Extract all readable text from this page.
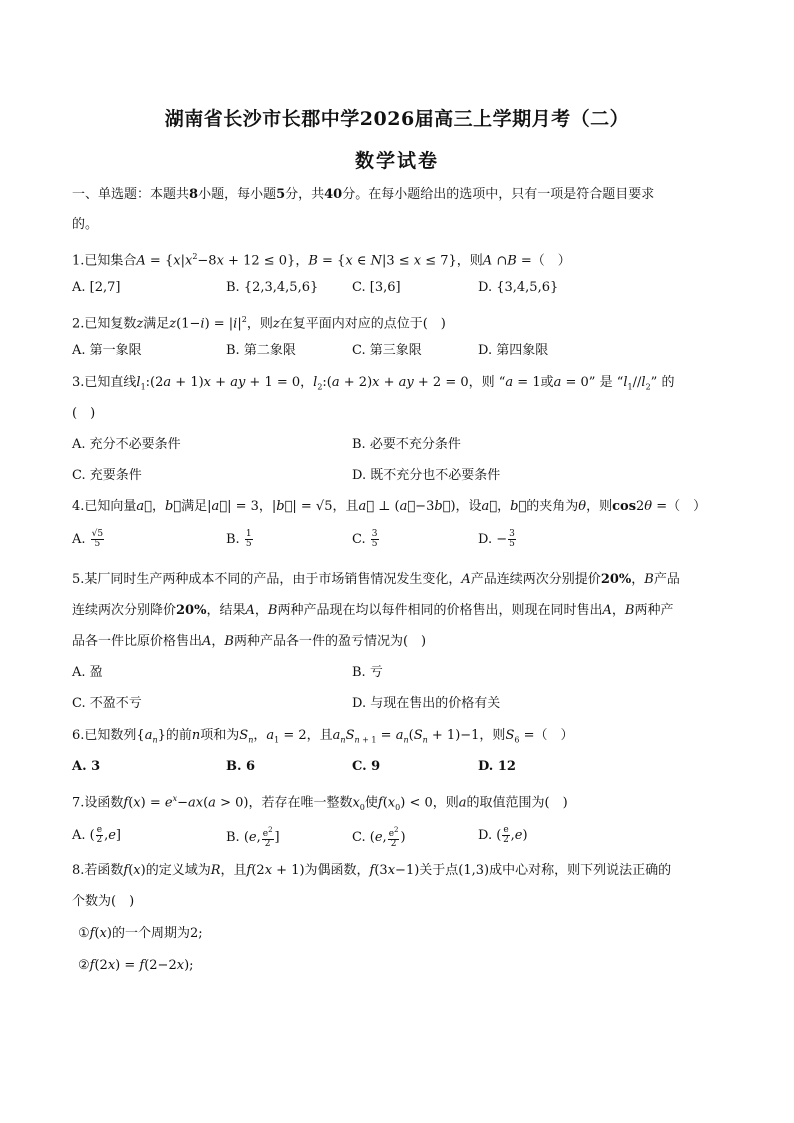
湖南省长沙市长郡中学2026届高三上学期月考（二）
数学试卷
一、单选题：本题共8小题，每小题5分，共40分。在每小题给出的选项中，只有一项是符合题目要求
的。
1.已知集合$A = \{x|x^2-8x + 12 \le 0\}$，B = {x ∈ N|3 ≤ x ≤ 7}，则A ∩B =（　）
A. [2,7]	B. {2,3,4,5,6}	C. [3,6]	D. {3,4,5,6}
2.已知复数z满足$z(1-i) = |i|^2$，则z在复平面内对应的点位于(　)
A. 第一象限	B. 第二象限	C. 第三象限	D. 第四象限
3.已知直线$l_1:(2a + 1)x$ + ay + 1 = 0，$l_2:(a + 2)x$ + ay + 2 = 0，则 “a = 1或a = 0” 是 “$l_1//l_2$” 的
(　)
A. 充分不必要条件	B. 必要不充分条件
C. 充要条件	D. 既不充分也不必要条件
4.已知向量a⃗，b⃗满足|a⃗| = 3，|b⃗| = √5，且a⃗ ⊥ (a⃗−3b⃗)，设a⃗，b⃗的夹角为θ，则cos2θ =（　）
A. $\frac{√5}{5}$	B. $\frac{1}{5}$	C. $\frac{3}{5}$	D. − $\frac{3}{5}$
5.某厂同时生产两种成本不同的产品，由于市场销售情况发生变化，A产品连续两次分别提价20%，B产品
连续两次分别降价20%，结果A，B两种产品现在均以每件相同的价格售出，则现在同时售出A，B两种产
品各一件比原价格售出A，B两种产品各一件的盈亏情况为(　)
A. 盈	B. 亏
C. 不盈不亏	D. 与现在售出的价格有关
6.已知数列$\{a_n\}$的前n项和为$S_n$，$a_1 = 2$，且$a_nS_{n + 1} = a_n(S_n + 1)-1$，则$S_6$ =（　）
A. 3	B. 6	C. 9	D. 12
7.设函数$f(x) = e^x-ax(a > 0)$，若存在唯一整数$x_0$使$f(x_0) < 0$，则a的取值范围为(　)
A. ( $\frac{e}{2} ,e$]	B. (e, $\frac{e^2}{2}$ ]	C. (e, $\frac{e^2}{2}$ )	D. ( $\frac{e}{2} ,e$)
8.若函数f(x)的定义域为R，且f(2x + 1)为偶函数，f(3x−1)关于点(1,3)成中心对称，则下列说法正确的
个数为(　)
①f(x)的一个周期为2;
②f(2x) = f(2−2x);
